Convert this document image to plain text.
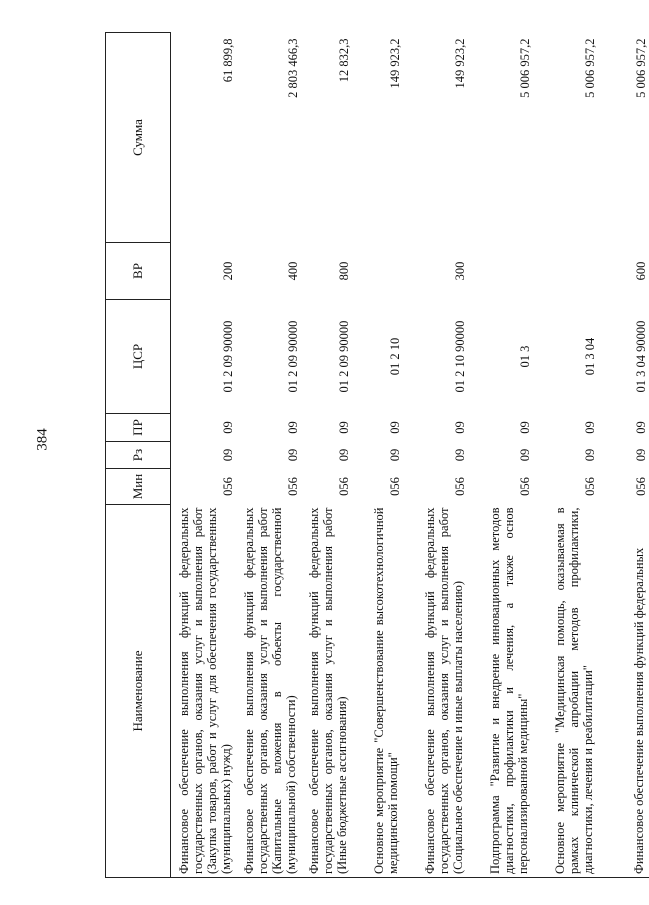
384
Наименование	Мин	Рз	ПР	ЦСР	ВР	Сумма
Финансовое обеспечение выполнения функций федеральных государственных органов, оказания услуг и выполнения работ (Закупка товаров, работ и услуг для обеспечения государственных (муниципальных) нужд)	056	09	09	01 2 09 90000	200	61 899,8
Финансовое обеспечение выполнения функций федеральных государственных органов, оказания услуг и выполнения работ (Капитальные вложения в объекты государственной (муниципальной) собственности)	056	09	09	01 2 09 90000	400	2 803 466,3
Финансовое обеспечение выполнения функций федеральных государственных органов, оказания услуг и выполнения работ (Иные бюджетные ассигнования)	056	09	09	01 2 09 90000	800	12 832,3
Основное мероприятие "Совершенствование высокотехнологичной медицинской помощи"	056	09	09	01 2 10		149 923,2
Финансовое обеспечение выполнения функций федеральных государственных органов, оказания услуг и выполнения работ (Социальное обеспечение и иные выплаты населению)	056	09	09	01 2 10 90000	300	149 923,2
Подпрограмма "Развитие и внедрение инновационных методов диагностики, профилактики и лечения, а также основ персонализированной медицины"	056	09	09	01 3		5 006 957,2
Основное мероприятие "Медицинская помощь, оказываемая в рамках клинической апробации методов профилактики, диагностики, лечения и реабилитации"	056	09	09	01 3 04		5 006 957,2
Финансовое обеспечение выполнения функций федеральных	056	09	09	01 3 04 90000	600	5 006 957,2
